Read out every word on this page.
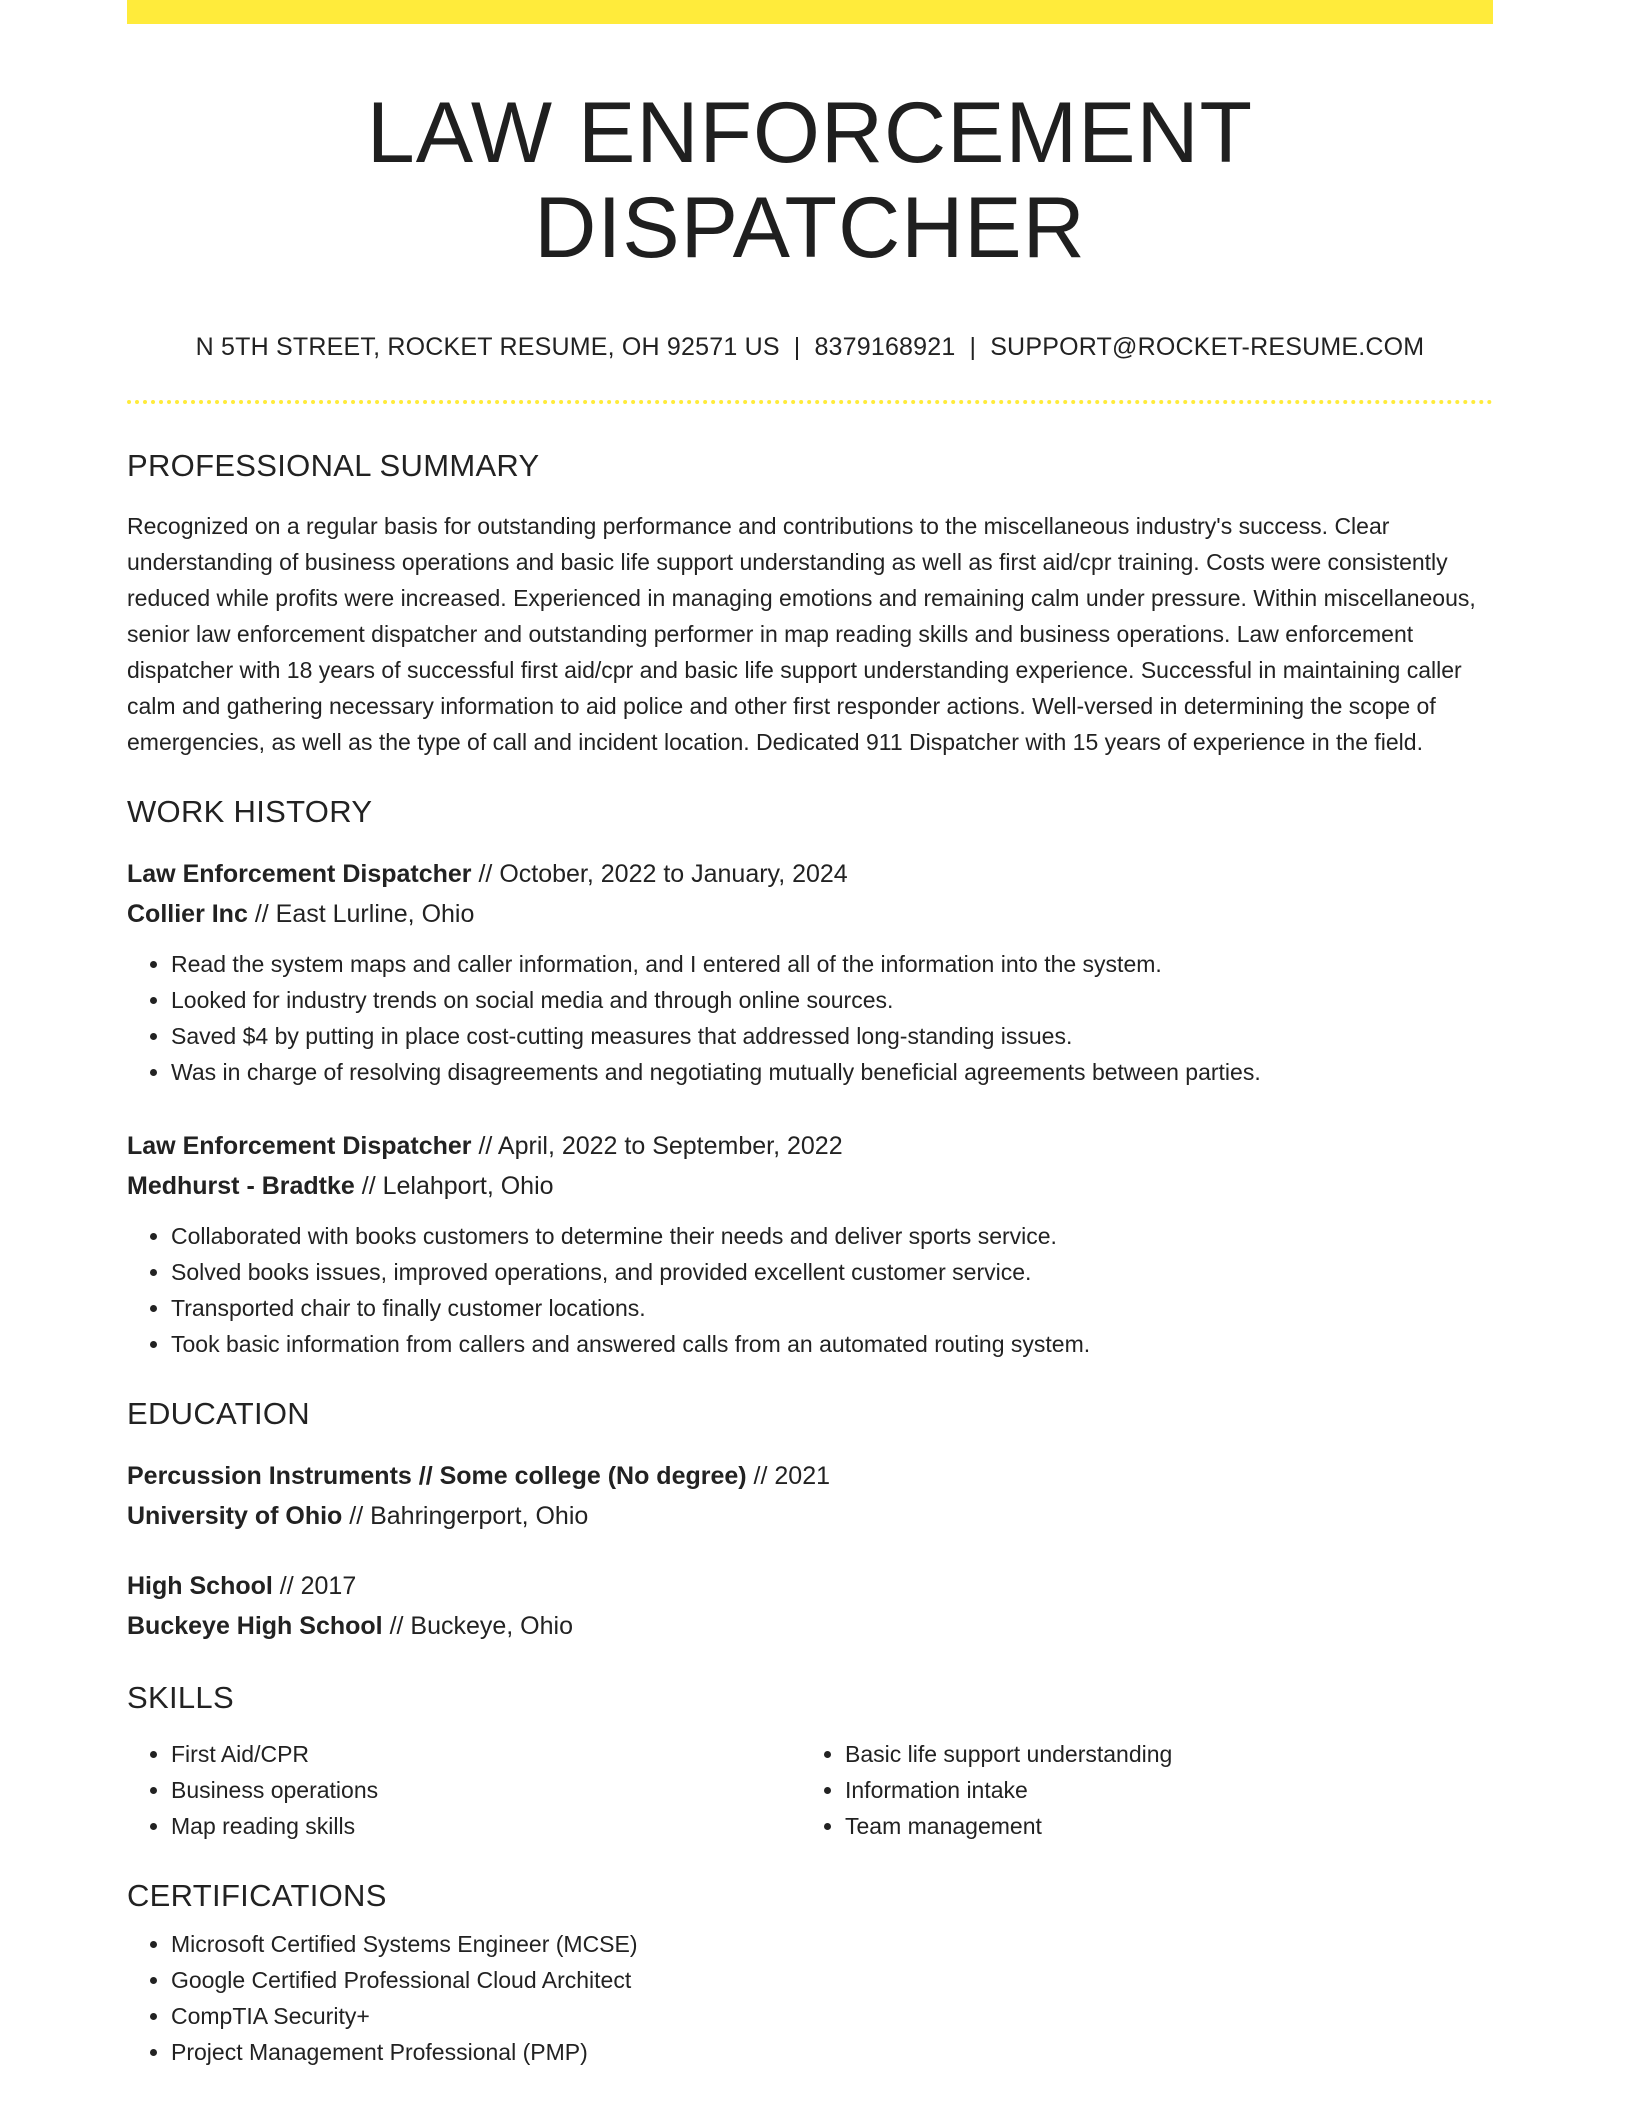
LAW ENFORCEMENT DISPATCHER
N 5TH STREET, ROCKET RESUME, OH 92571 US | 8379168921 | SUPPORT@ROCKET-RESUME.COM
PROFESSIONAL SUMMARY
Recognized on a regular basis for outstanding performance and contributions to the miscellaneous industry's success. Clear understanding of business operations and basic life support understanding as well as first aid/cpr training. Costs were consistently reduced while profits were increased. Experienced in managing emotions and remaining calm under pressure. Within miscellaneous, senior law enforcement dispatcher and outstanding performer in map reading skills and business operations. Law enforcement dispatcher with 18 years of successful first aid/cpr and basic life support understanding experience. Successful in maintaining caller calm and gathering necessary information to aid police and other first responder actions. Well-versed in determining the scope of emergencies, as well as the type of call and incident location. Dedicated 911 Dispatcher with 15 years of experience in the field.
WORK HISTORY
Law Enforcement Dispatcher // October, 2022 to January, 2024
Collier Inc // East Lurline, Ohio
• Read the system maps and caller information, and I entered all of the information into the system.
• Looked for industry trends on social media and through online sources.
• Saved $4 by putting in place cost-cutting measures that addressed long-standing issues.
• Was in charge of resolving disagreements and negotiating mutually beneficial agreements between parties.
Law Enforcement Dispatcher // April, 2022 to September, 2022
Medhurst - Bradtke // Lelahport, Ohio
• Collaborated with books customers to determine their needs and deliver sports service.
• Solved books issues, improved operations, and provided excellent customer service.
• Transported chair to finally customer locations.
• Took basic information from callers and answered calls from an automated routing system.
EDUCATION
Percussion Instruments // Some college (No degree) // 2021
University of Ohio // Bahringerport, Ohio
High School // 2017
Buckeye High School // Buckeye, Ohio
SKILLS
• First Aid/CPR
• Business operations
• Map reading skills
• Basic life support understanding
• Information intake
• Team management
CERTIFICATIONS
• Microsoft Certified Systems Engineer (MCSE)
• Google Certified Professional Cloud Architect
• CompTIA Security+
• Project Management Professional (PMP)
